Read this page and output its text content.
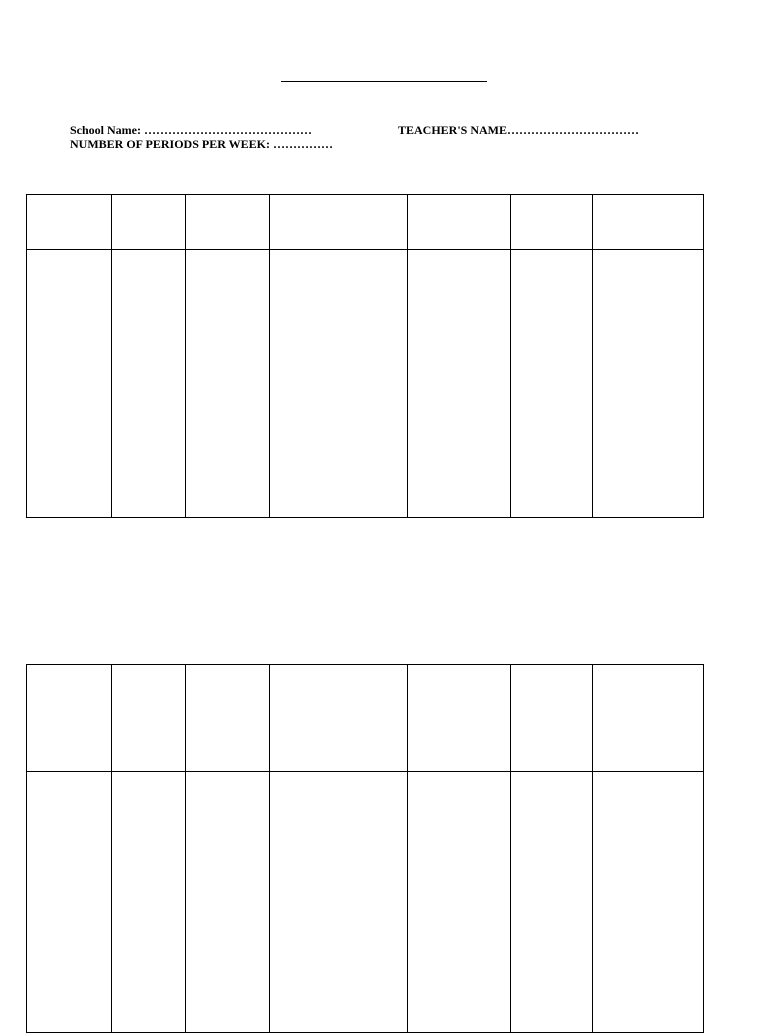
School Name: ……………………………………	TEACHER'S NAME……………………………
NUMBER OF PERIODS PER WEEK: ……………
